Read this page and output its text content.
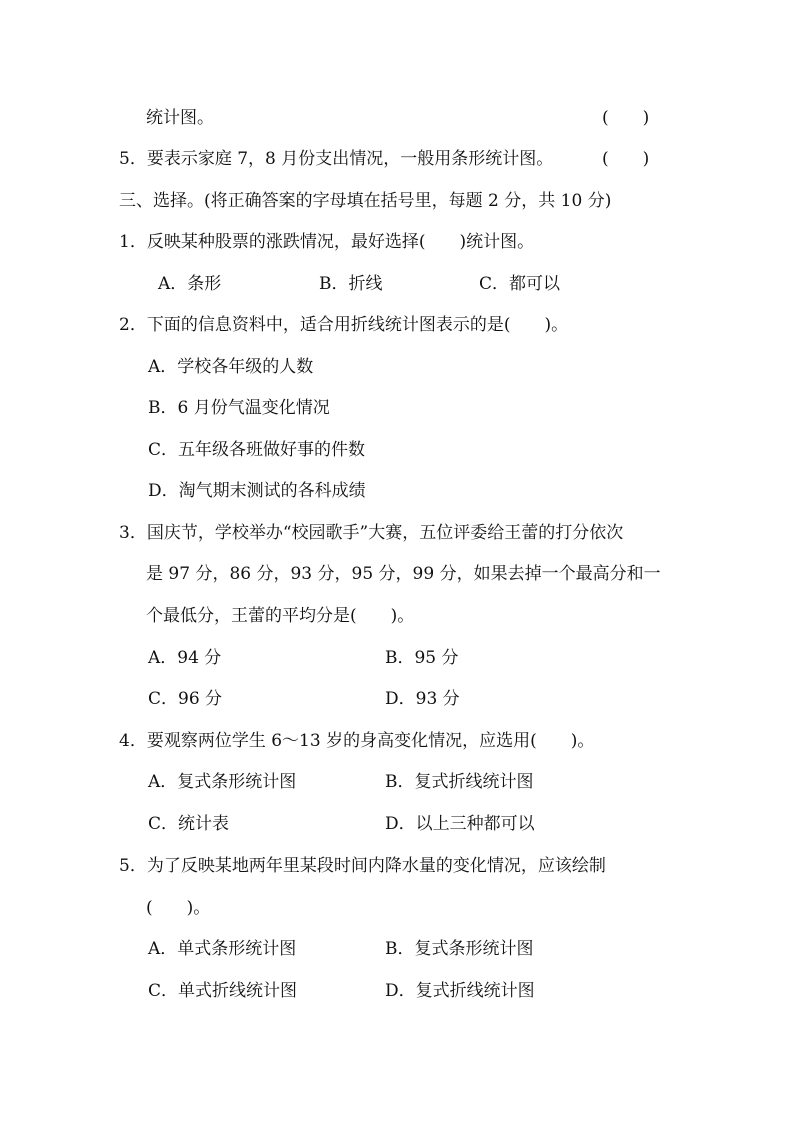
统计图。	(　　)
5．要表示家庭 7，8 月份支出情况，一般用条形统计图。	(　　)
三、选择。(将正确答案的字母填在括号里，每题 2 分，共 10 分)
1．反映某种股票的涨跌情况，最好选择(　　)统计图。
A．条形	B．折线	C．都可以
2．下面的信息资料中，适合用折线统计图表示的是(　　)。
A．学校各年级的人数
B．6 月份气温变化情况
C．五年级各班做好事的件数
D．淘气期末测试的各科成绩
3．国庆节，学校举办“校园歌手”大赛，五位评委给王蕾的打分依次
是 97 分，86 分，93 分，95 分，99 分，如果去掉一个最高分和一
个最低分，王蕾的平均分是(　　)。
A．94 分	B．95 分
C．96 分	D．93 分
4．要观察两位学生 6～13 岁的身高变化情况，应选用(　　)。
A．复式条形统计图	B．复式折线统计图
C．统计表	D．以上三种都可以
5．为了反映某地两年里某段时间内降水量的变化情况，应该绘制
(　　)。
A．单式条形统计图	B．复式条形统计图
C．单式折线统计图	D．复式折线统计图
